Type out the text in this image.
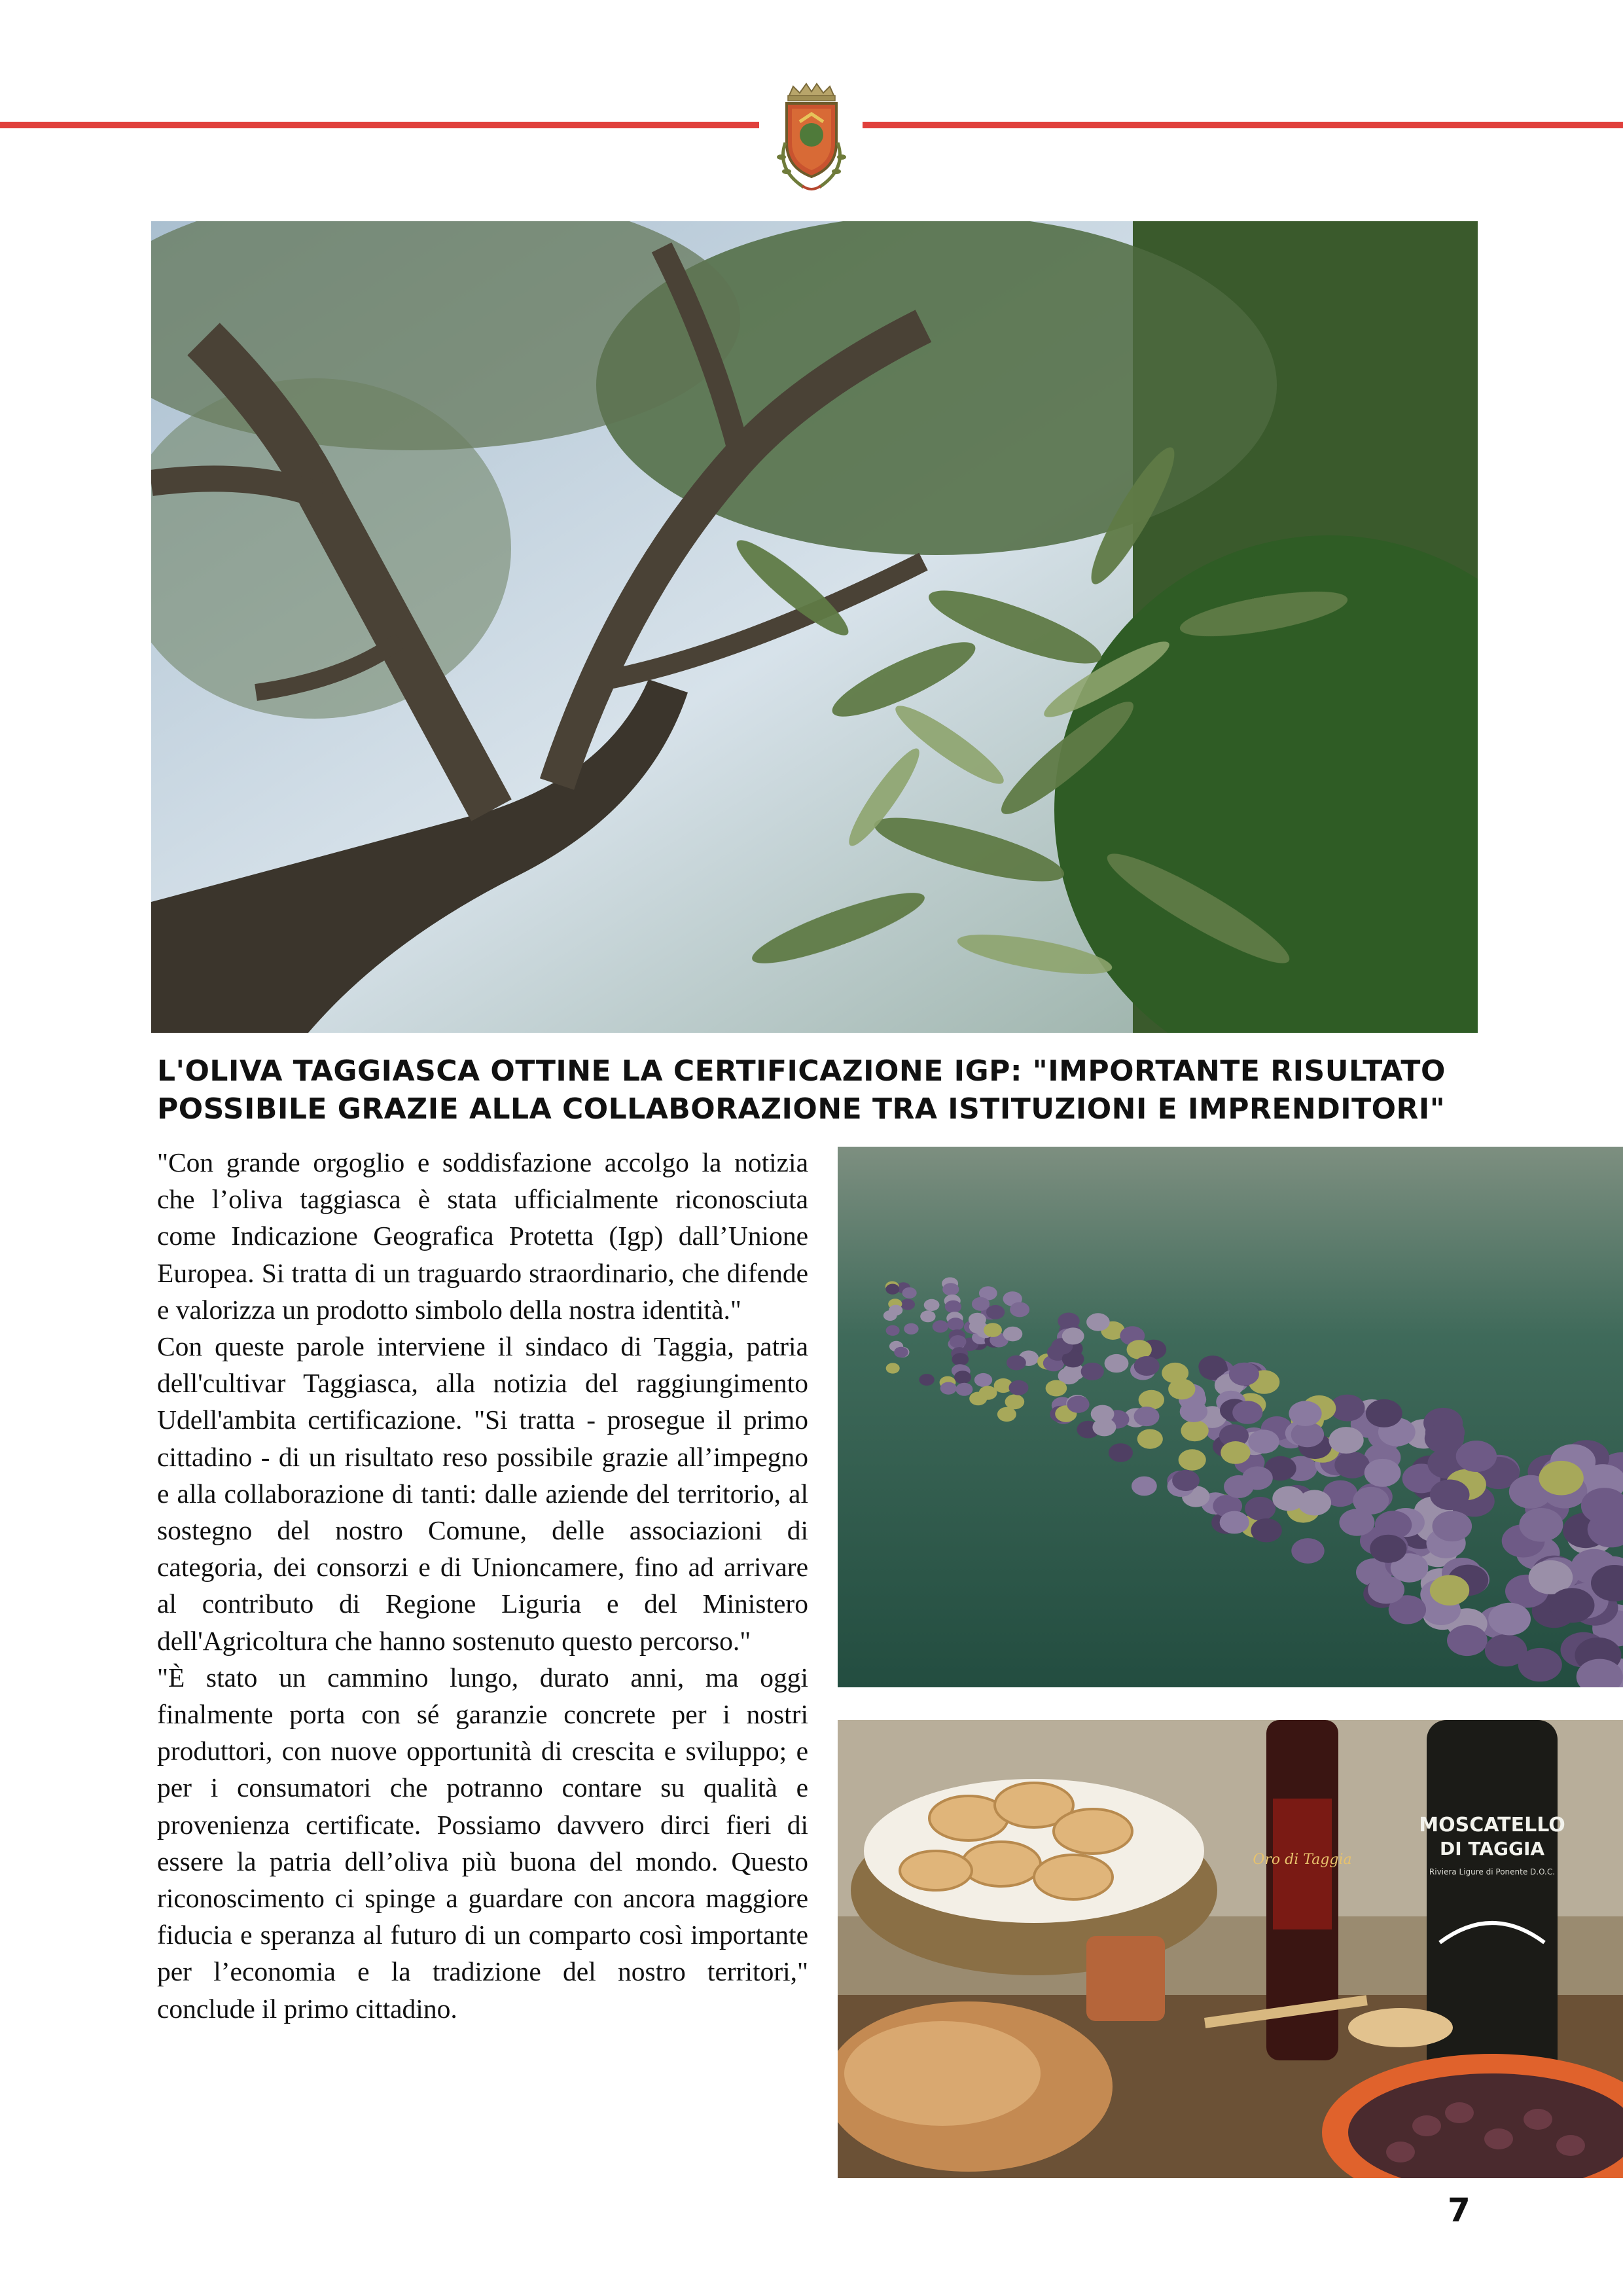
L'OLIVA TAGGIASCA OTTINE LA CERTIFICAZIONE IGP: "IMPORTANTE RISULTATO
POSSIBILE GRAZIE ALLA COLLABORAZIONE TRA ISTITUZIONI E IMPRENDITORI"

"Con grande orgoglio e soddisfazione accolgo la notizia che l’oliva taggiasca è stata ufficialmente riconosciuta come Indicazione Geografica Protetta (Igp) dall’Unione Europea. Si tratta di un traguardo straordinario, che difende e valorizza un prodotto simbolo della nostra identità."

Con queste parole interviene il sindaco di Taggia, patria dell'cultivar Taggiasca, alla notizia del raggiungimento Udell'ambita certificazione. "Si tratta - prosegue il primo cittadino - di un risultato reso possibile grazie all’impegno e alla collaborazione di tanti: dalle aziende del territorio, al sostegno del nostro Comune, delle associazioni di categoria, dei consorzi e di Unioncamere, fino ad arrivare al contributo di Regione Liguria e del Ministero dell'Agricoltura che hanno sostenuto questo percorso."

"È stato un cammino lungo, durato anni, ma oggi finalmente porta con sé garanzie concrete per i nostri produttori, con nuove opportunità di crescita e sviluppo; e per i consumatori che potranno contare su qualità e provenienza certificate. Possiamo davvero dirci fieri di essere la patria dell’oliva più buona del mondo. Questo riconoscimento ci spinge a guardare con ancora maggiore fiducia e speranza al futuro di un comparto così importante per l’economia e la tradizione del nostro territori," conclude il primo cittadino.

Oro di Taggia
MOSCATELLO
DI TAGGIA
Riviera Ligure di Ponente D.O.C.
7
